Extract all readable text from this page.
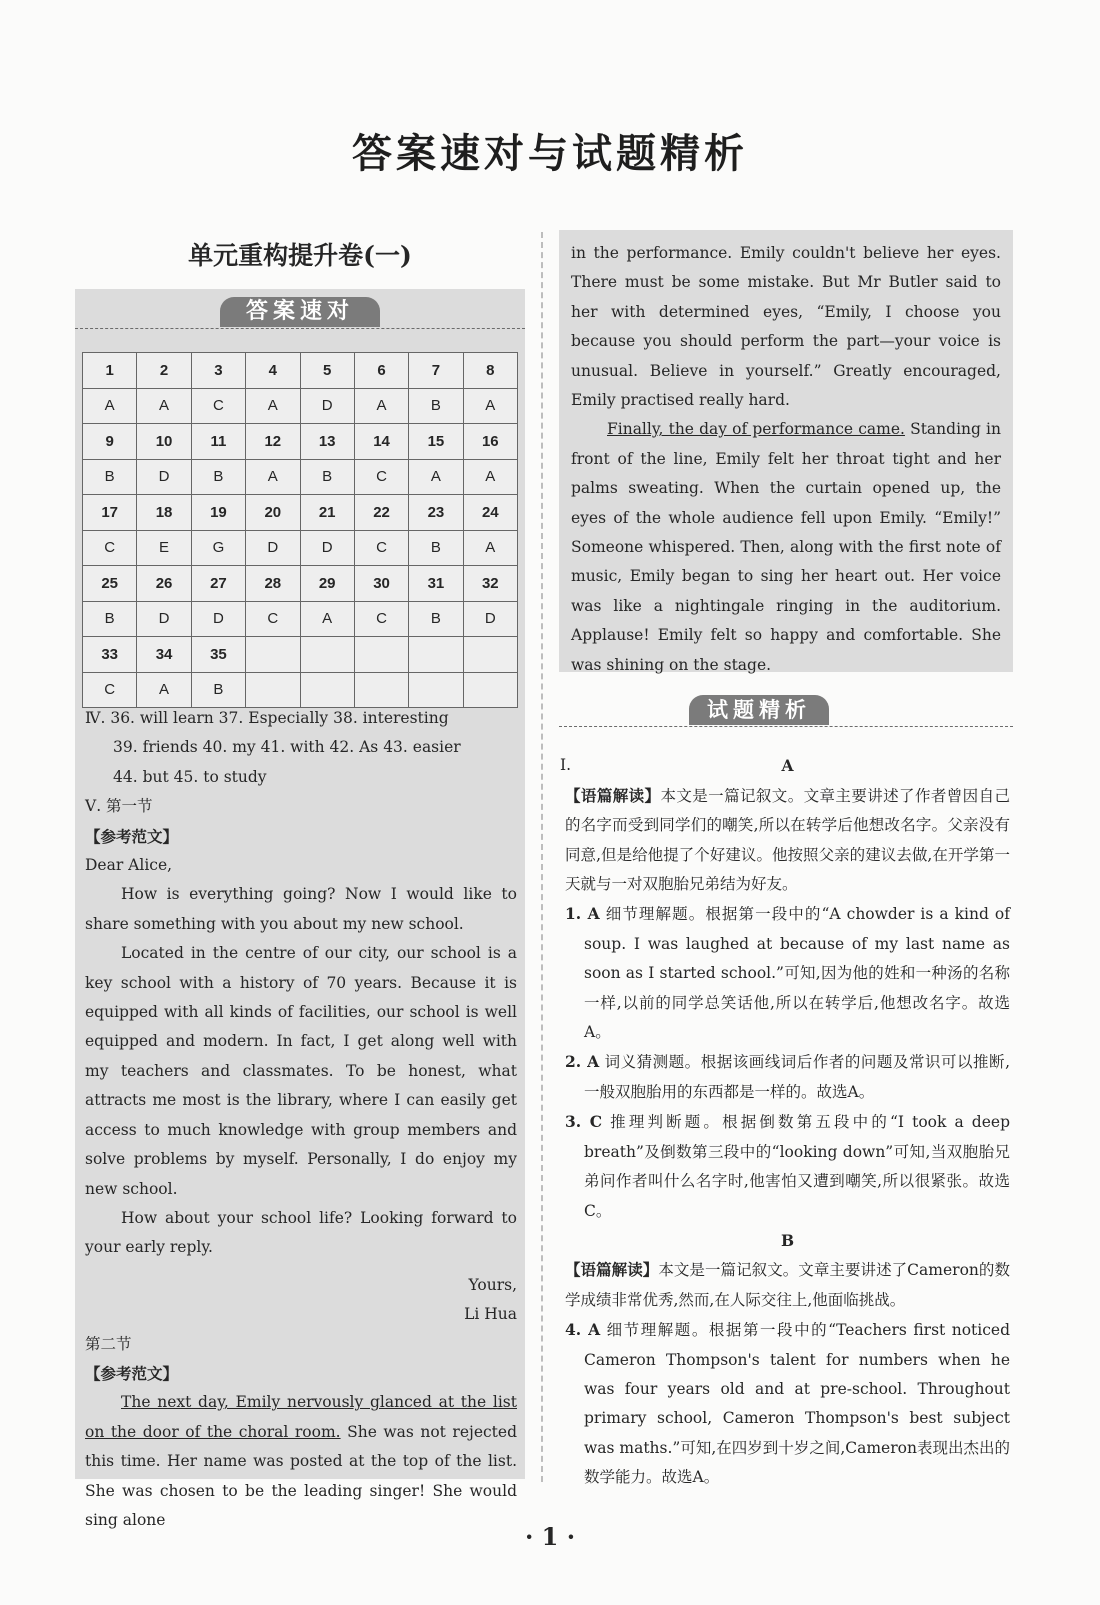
答案速对与试题精析
单元重构提升卷(一)
答案速对
1	2	3	4	5	6	7	8
A	A	C	A	D	A	B	A
9	10	11	12	13	14	15	16
B	D	B	A	B	C	A	A
17	18	19	20	21	22	23	24
C	E	G	D	D	C	B	A
25	26	27	28	29	30	31	32
B	D	D	C	A	C	B	D
33	34	35					
C	A	B					

Ⅳ. 36. will learn 37. Especially 38. interesting

39. friends 40. my 41. with 42. As 43. easier

44. but 45. to study

Ⅴ. 第一节

【参考范文】

Dear Alice,

How is everything going? Now I would like to share something with you about my new school.

Located in the centre of our city, our school is a key school with a history of 70 years. Because it is equipped with all kinds of facilities, our school is well equipped and modern. In fact, I get along well with my teachers and classmates. To be honest, what attracts me most is the library, where I can easily get access to much knowledge with group members and solve problems by myself. Personally, I do enjoy my new school.

How about your school life? Looking forward to your early reply.

Yours,

Li Hua

第二节

【参考范文】

The next day, Emily nervously glanced at the list on the door of the choral room. She was not rejected this time. Her name was posted at the top of the list. She was chosen to be the leading singer! She would sing alone

in the performance. Emily couldn't believe her eyes. There must be some mistake. But Mr Butler said to her with determined eyes, “Emily, I choose you because you should perform the part—your voice is unusual. Believe in yourself.” Greatly encouraged, Emily practised really hard.

Finally, the day of performance came. Standing in front of the line, Emily felt her throat tight and her palms sweating. When the curtain opened up, the eyes of the whole audience fell upon Emily. “Emily!” Someone whispered. Then, along with the first note of music, Emily began to sing her heart out. Her voice was like a nightingale ringing in the auditorium. Applause! Emily felt so happy and comfortable. She was shining on the stage.

试题精析

Ⅰ.	A

【语篇解读】本文是一篇记叙文。文章主要讲述了作者曾因自己的名字而受到同学们的嘲笑,所以在转学后他想改名字。父亲没有同意,但是给他提了个好建议。他按照父亲的建议去做,在开学第一天就与一对双胞胎兄弟结为好友。

1. A 细节理解题。根据第一段中的“A chowder is a kind of soup. I was laughed at because of my last name as soon as I started school.”可知,因为他的姓和一种汤的名称一样,以前的同学总笑话他,所以在转学后,他想改名字。故选A。

2. A 词义猜测题。根据该画线词后作者的问题及常识可以推断,一般双胞胎用的东西都是一样的。故选A。

3. C 推理判断题。根据倒数第五段中的“I took a deep breath”及倒数第三段中的“looking down”可知,当双胞胎兄弟问作者叫什么名字时,他害怕又遭到嘲笑,所以很紧张。故选C。

B

【语篇解读】本文是一篇记叙文。文章主要讲述了Cameron的数学成绩非常优秀,然而,在人际交往上,他面临挑战。

4. A 细节理解题。根据第一段中的“Teachers first noticed Cameron Thompson's talent for numbers when he was four years old and at pre-school. Throughout primary school, Cameron Thompson's best subject was maths.”可知,在四岁到十岁之间,Cameron表现出杰出的数学能力。故选A。

· 1 ·
